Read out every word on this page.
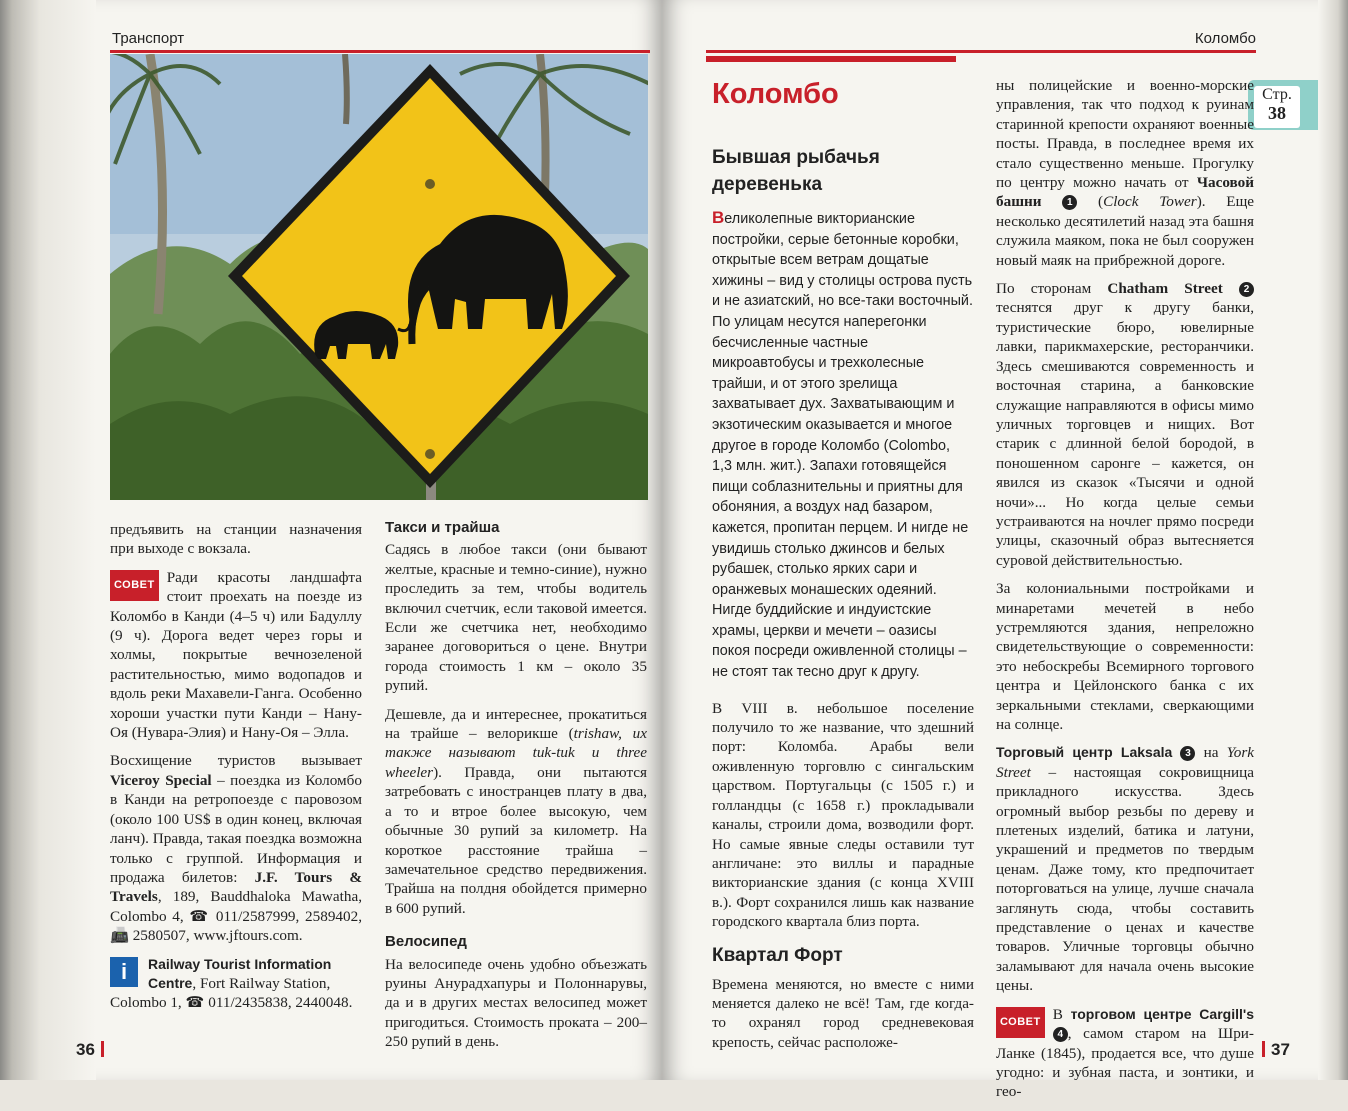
Транспорт

предъявить на станции назначения при выходе с вокзала.

СОВЕТ Ради красоты ландшафта стоит проехать на поезде из Коломбо в Канди (4–5 ч) или Бадуллу (9 ч). Дорога ведет через горы и холмы, покрытые вечнозеленой растительностью, мимо водопадов и вдоль реки Махавели-Ганга. Особенно хороши участки пути Канди – Нану-Оя (Нувара-Элия) и Нану-Оя – Элла.

Восхищение туристов вызывает Viceroy Special – поездка из Коломбо в Канди на ретропоезде с паровозом (около 100 US$ в один конец, включая ланч). Правда, такая поездка возможна только с группой. Информация и продажа билетов: J.F. Tours & Travels, 189, Bauddhaloka Mawatha, Colombo 4, ☎ 011/2587999, 2589402, 📠 2580507, www.jftours.com.

i	Railway Tourist Information Centre, Fort Railway Station, Colombo 1, ☎ 011/2435838, 2440048.

Такси и трайша

Садясь в любое такси (они бывают желтые, красные и темно-синие), нужно проследить за тем, чтобы водитель включил счетчик, если таковой имеется. Если же счетчика нет, необходимо заранее договориться о цене. Внутри города стоимость 1 км – около 35 рупий.

Дешевле, да и интереснее, прокатиться на трайше – велорикше (trishaw, их также называют tuk-tuk и three wheeler). Правда, они пытаются затребовать с иностранцев плату в два, а то и втрое более высокую, чем обычные 30 рупий за километр. На короткое расстояние трайша – замечательное средство передвижения. Трайша на полдня обойдется примерно в 600 рупий.

Велосипед

На велосипеде очень удобно объезжать руины Анурадхапуры и Полоннарувы, да и в других местах велосипед может пригодиться. Стоимость проката – 200–250 рупий в день.

36
Коломбо
Стр.
38
Коломбо
Бывшая рыбачья деревенька

Великолепные викторианские постройки, серые бетонные коробки, открытые всем ветрам дощатые хижины – вид у столицы острова пусть и не азиатский, но все-таки восточный. По улицам несутся наперегонки бесчисленные частные микроавтобусы и трехколесные трайши, и от этого зрелища захватывает дух. Захватывающим и экзотическим оказывается и многое другое в городе Коломбо (Colombo, 1,3 млн. жит.). Запахи готовящейся пищи соблазнительны и приятны для обоняния, а воздух над базаром, кажется, пропитан перцем. И нигде не увидишь столько джинсов и белых рубашек, столько ярких сари и оранжевых монашеских одеяний. Нигде буддийские и индуистские храмы, церкви и мечети – оазисы покоя посреди оживленной столицы – не стоят так тесно друг к другу.

В VIII в. небольшое поселение получило то же название, что здешний порт: Коломба. Арабы вели оживленную торговлю с сингальским царством. Португальцы (с 1505 г.) и голландцы (с 1658 г.) прокладывали каналы, строили дома, возводили форт. Но самые явные следы оставили тут англичане: это виллы и парадные викторианские здания (с конца XVIII в.). Форт сохранился лишь как название городского квартала близ порта.

Квартал Форт

Времена меняются, но вместе с ними меняется далеко не всё! Там, где когда-то охранял город средневековая крепость, сейчас расположе-

ны полицейские и военно-морские управления, так что подход к руинам старинной крепости охраняют военные посты. Правда, в последнее время их стало существенно меньше. Прогулку по центру можно начать от Часовой башни	1 (Clock Tower). Еще несколько десятилетий назад эта башня служила маяком, пока не был сооружен новый маяк на прибрежной дороге.

По сторонам Chatham Street 2 теснятся друг к другу банки, туристические бюро, ювелирные лавки, парикмахерские, ресторанчики. Здесь смешиваются современность и восточная старина, а банковские служащие направляются в офисы мимо уличных торговцев и нищих. Вот старик с длинной белой бородой, в поношенном саронге – кажется, он явился из сказок «Тысячи и одной ночи»... Но когда целые семьи устраиваются на ночлег прямо посреди улицы, сказочный образ вытесняется суровой действительностью.

За колониальными постройками и минаретами мечетей в небо устремляются здания, непреложно свидетельствующие о современности: это небоскребы Всемирного торгового центра и Цейлонского банка с их зеркальными стеклами, сверкающими на солнце.

Торговый центр Laksala 3 на York Street – настоящая сокровищница прикладного искусства. Здесь огромный выбор резьбы по дереву и плетеных изделий, батика и латуни, украшений и предметов по твердым ценам. Даже тому, кто предпочитает поторговаться на улице, лучше сначала заглянуть сюда, чтобы составить представление о ценах и качестве товаров. Уличные торговцы обычно заламывают для начала очень высокие цены.

СОВЕТ В торговом центре Cargill's 4 , самом старом на Шри-Ланке (1845), продается все, что душе угодно: и зубная паста, и зонтики, и гео-

37
